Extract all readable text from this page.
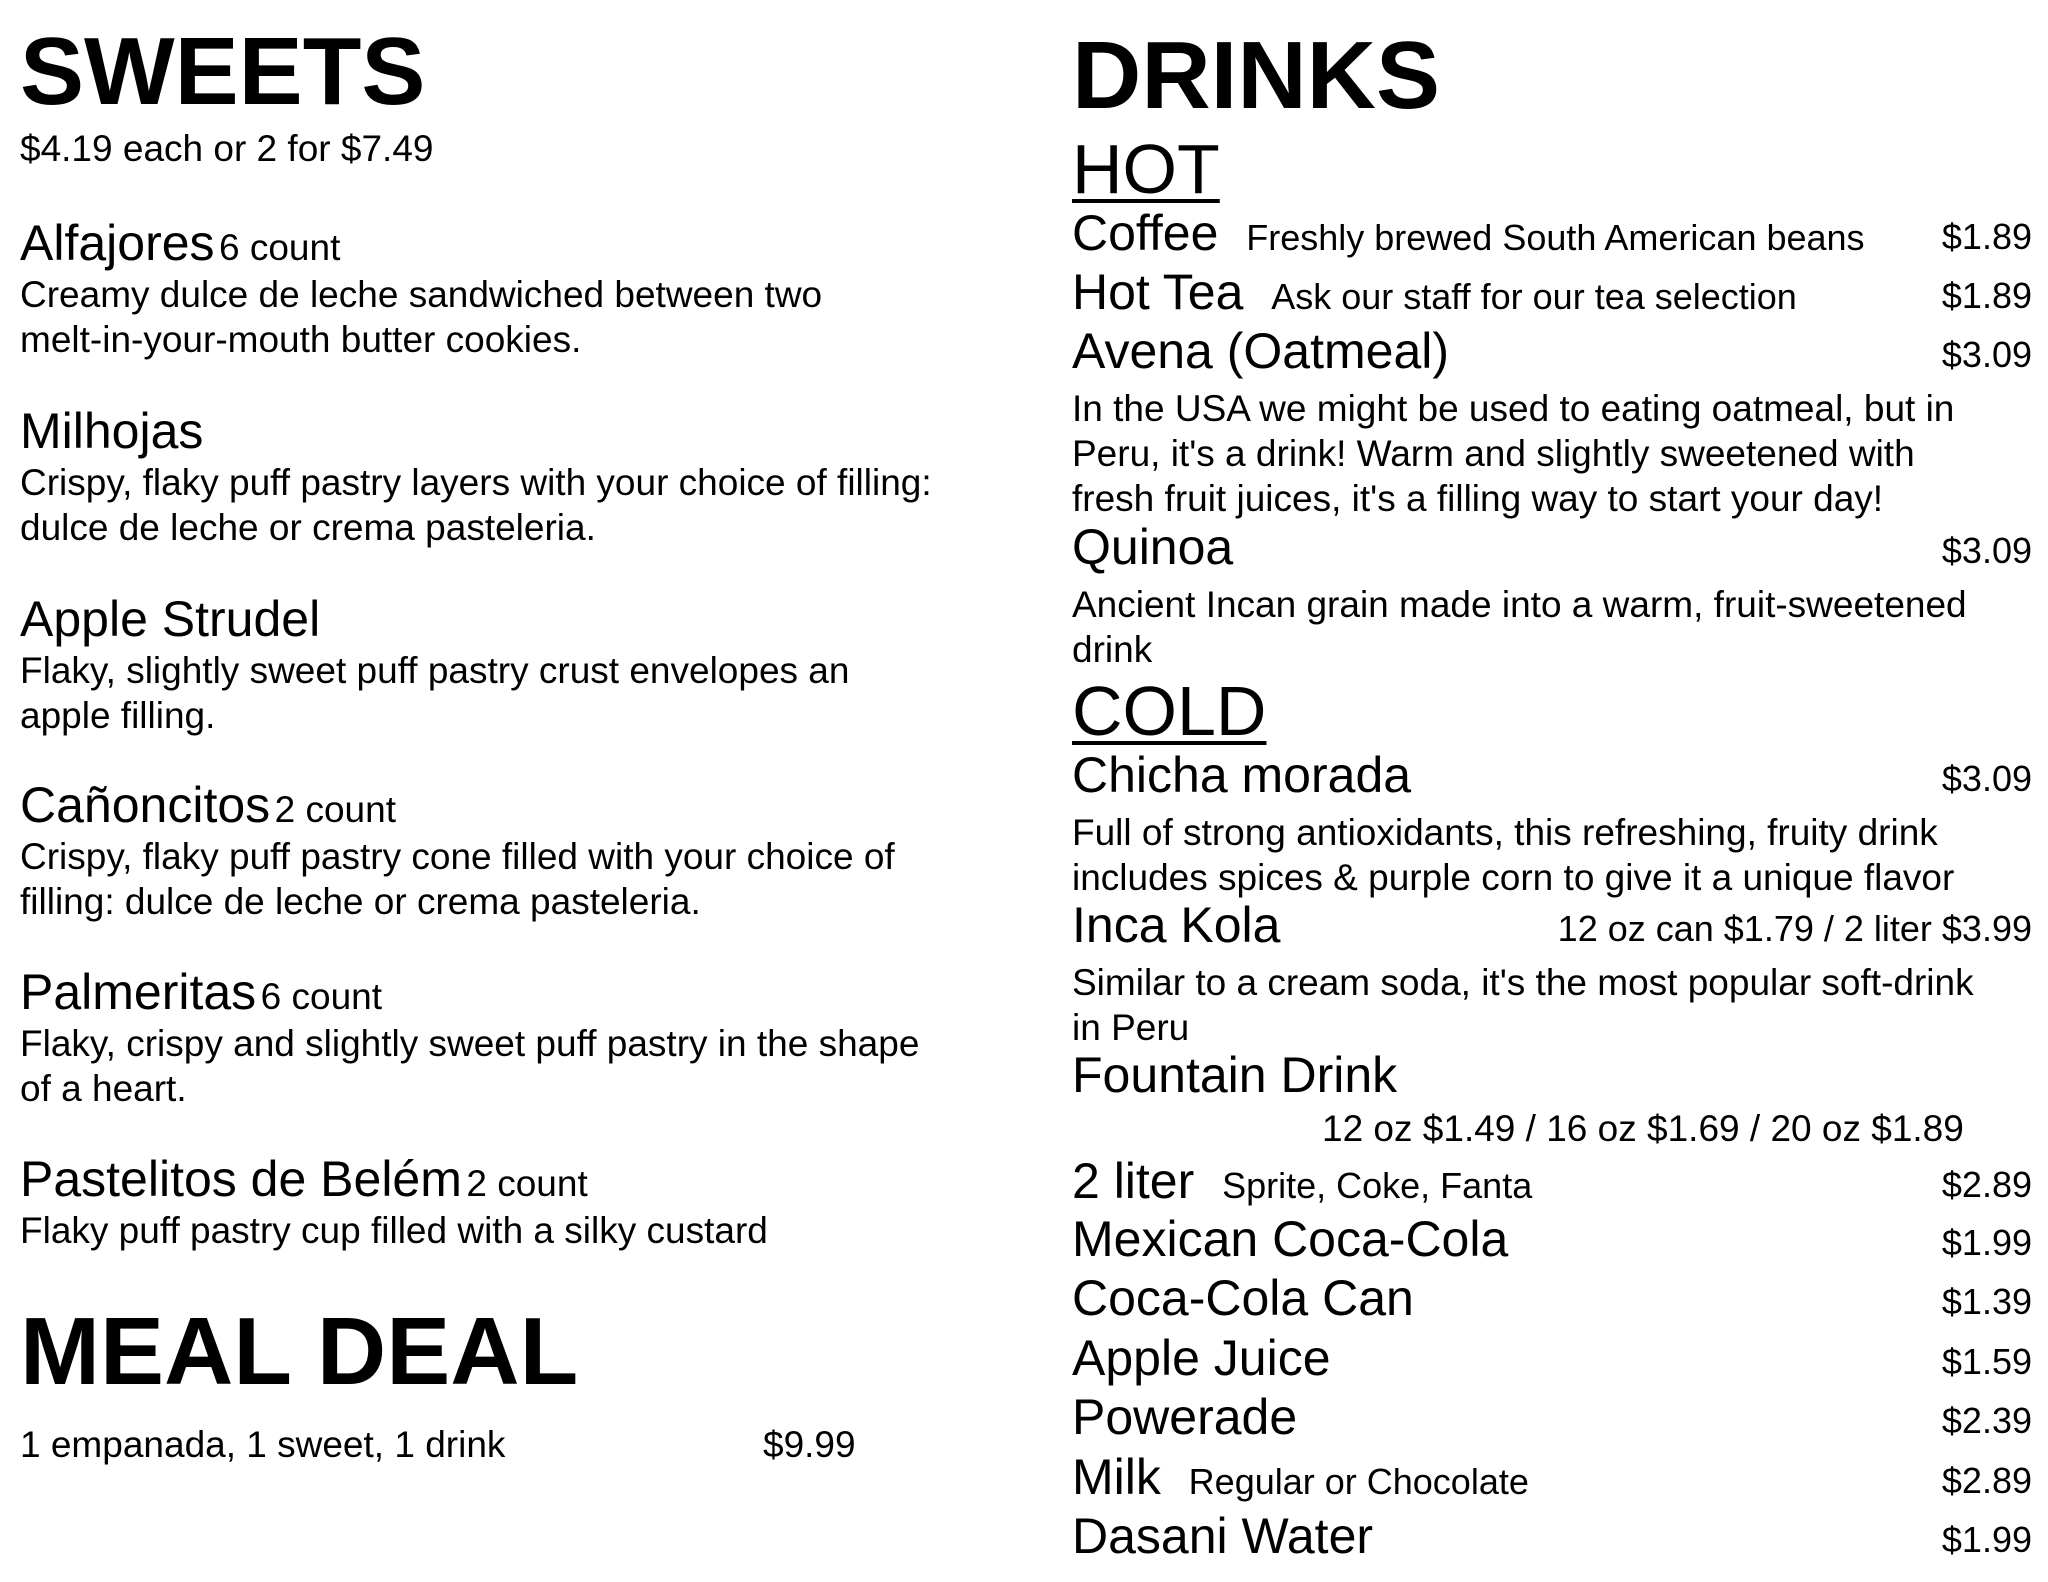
SWEETS
$4.19 each or 2 for $7.49
Alfajores 6 count
Creamy dulce de leche sandwiched between two
melt-in-your-mouth butter cookies.
Milhojas
Crispy, flaky puff pastry layers with your choice of filling:
dulce de leche or crema pasteleria.
Apple Strudel
Flaky, slightly sweet puff pastry crust envelopes an
apple filling.
Cañoncitos 2 count
Crispy, flaky puff pastry cone filled with your choice of
filling: dulce de leche or crema pasteleria.
Palmeritas 6 count
Flaky, crispy and slightly sweet puff pastry in the shape
of a heart.
Pastelitos de Belém 2 count
Flaky puff pastry cup filled with a silky custard
MEAL DEAL
1 empanada, 1 sweet, 1 drink	$9.99
DRINKS
HOT
Coffee Freshly brewed South American beans $1.89
Hot Tea Ask our staff for our tea selection	$1.89
Avena (Oatmeal)	$3.09
In the USA we might be used to eating oatmeal, but in
Peru, it's a drink! Warm and slightly sweetened with
fresh fruit juices, it's a filling way to start your day!
Quinoa	$3.09
Ancient Incan grain made into a warm, fruit-sweetened
drink
COLD
Chicha morada	$3.09
Full of strong antioxidants, this refreshing, fruity drink
includes spices & purple corn to give it a unique flavor
Inca Kola	12 oz can $1.79 / 2 liter $3.99
Similar to a cream soda, it's the most popular soft-drink
in Peru
Fountain Drink
12 oz $1.49 / 16 oz $1.69 / 20 oz $1.89
2 liter Sprite, Coke, Fanta	$2.89
Mexican Coca-Cola	$1.99
Coca-Cola Can	$1.39
Apple Juice	$1.59
Powerade	$2.39
Milk Regular or Chocolate	$2.89
Dasani Water	$1.99
